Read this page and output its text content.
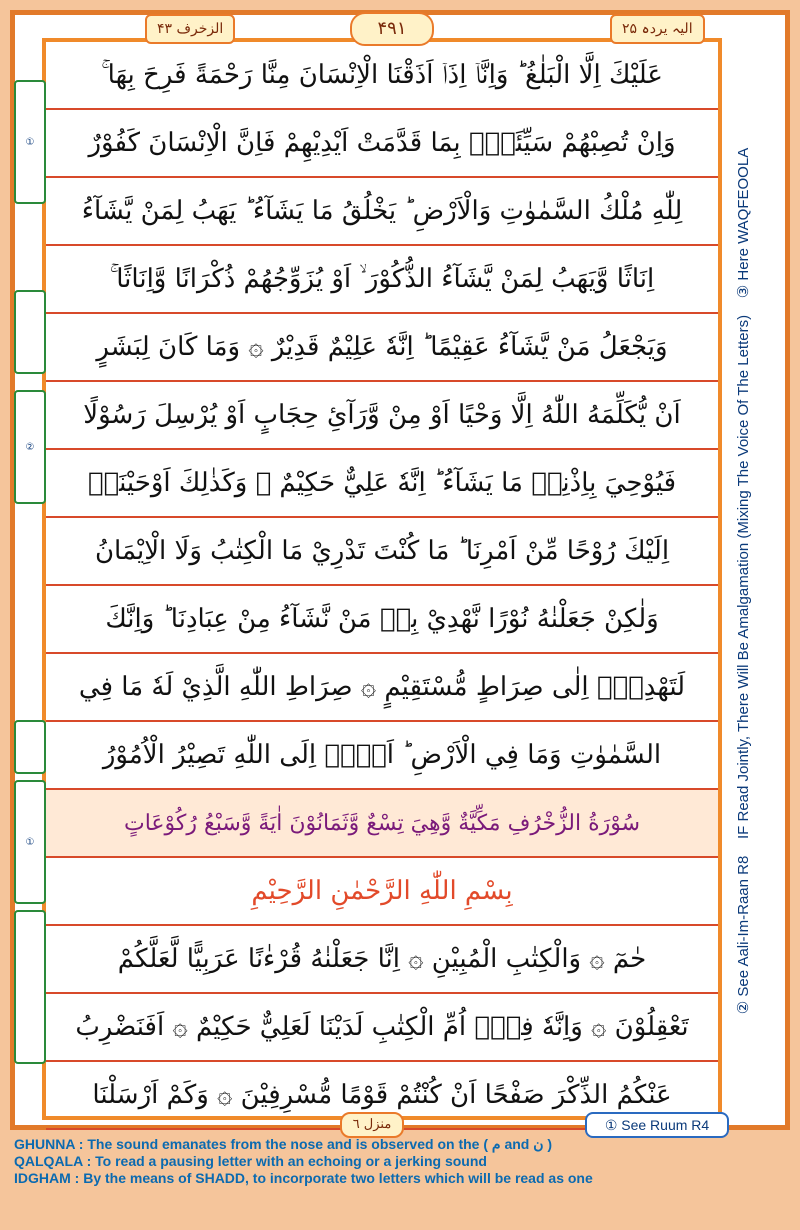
الزخرف ۴۳	۴۹۱	الیہ یردہ ۲۵
② See Aali-Im-Raan R8    IF Read Jointly, There Will Be Amalgamation (Mixing The Voice Of The Letters)    ③ Here WAQFEOOLA
①
②
①
عَلَيْكَ اِلَّا الْبَلٰغُ ؕ وَاِنَّاۤ اِذَاۤ اَذَقْنَا الْاِنْسَانَ مِنَّا رَحْمَةً فَرِحَ بِهَا ۚ
وَاِنْ تُصِبْهُمْ سَيِّئَةٌۢ بِمَا قَدَّمَتْ اَيْدِيْهِمْ فَاِنَّ الْاِنْسَانَ كَفُوْرٌ
لِلّٰهِ مُلْكُ السَّمٰوٰتِ وَالْاَرْضِ ؕ يَخْلُقُ مَا يَشَآءُ ؕ يَهَبُ لِمَنْ يَّشَآءُ
اِنَاثًا وَّيَهَبُ لِمَنْ يَّشَآءُ الذُّكُوْرَ ۙ اَوْ يُزَوِّجُهُمْ ذُكْرَانًا وَّاِنَاثًا ۚ
وَيَجْعَلُ مَنْ يَّشَآءُ عَقِيْمًا ؕ اِنَّهٗ عَلِيْمٌ قَدِيْرٌ ۞ وَمَا كَانَ لِبَشَرٍ
اَنْ يُّكَلِّمَهُ اللّٰهُ اِلَّا وَحْيًا اَوْ مِنْ وَّرَآئِ حِجَابٍ اَوْ يُرْسِلَ رَسُوْلًا
فَيُوْحِيَ بِاِذْنِهٖ مَا يَشَآءُ ؕ اِنَّهٗ عَلِيٌّ حَكِيْمٌ ۞ وَكَذٰلِكَ اَوْحَيْنَاۤ
اِلَيْكَ رُوْحًا مِّنْ اَمْرِنَا ؕ مَا كُنْتَ تَدْرِيْ مَا الْكِتٰبُ وَلَا الْاِيْمَانُ
وَلٰكِنْ جَعَلْنٰهُ نُوْرًا نَّهْدِيْ بِهٖ مَنْ نَّشَآءُ مِنْ عِبَادِنَا ؕ وَاِنَّكَ
لَتَهْدِيْۤ اِلٰى صِرَاطٍ مُّسْتَقِيْمٍ ۞ صِرَاطِ اللّٰهِ الَّذِيْ لَهٗ مَا فِي
السَّمٰوٰتِ وَمَا فِي الْاَرْضِ ؕ اَلَاۤ اِلَى اللّٰهِ تَصِيْرُ الْاُمُوْرُ
سُوْرَةُ الزُّخْرُفِ مَكِّيَّةٌ وَّهِيَ تِسْعٌ وَّثَمَانُوْنَ اٰيَةً وَّسَبْعُ رُكُوْعَاتٍ
بِسْمِ اللّٰهِ الرَّحْمٰنِ الرَّحِيْمِ
حٰمٓ ۞ وَالْكِتٰبِ الْمُبِيْنِ ۞ اِنَّا جَعَلْنٰهُ قُرْءٰنًا عَرَبِيًّا لَّعَلَّكُمْ
تَعْقِلُوْنَ ۞ وَاِنَّهٗ فِيْۤ اُمِّ الْكِتٰبِ لَدَيْنَا لَعَلِيٌّ حَكِيْمٌ ۞ اَفَنَضْرِبُ
عَنْكُمُ الذِّكْرَ صَفْحًا اَنْ كُنْتُمْ قَوْمًا مُّسْرِفِيْنَ ۞ وَكَمْ اَرْسَلْنَا
منزل ٦	① See Ruum R4
GHUNNA : The sound emanates from the nose and is observed on the ( م and ن )
QALQALA : To read a pausing letter with an echoing or a jerking sound
IDGHAM : By the means of SHADD, to incorporate two letters which will be read as one
